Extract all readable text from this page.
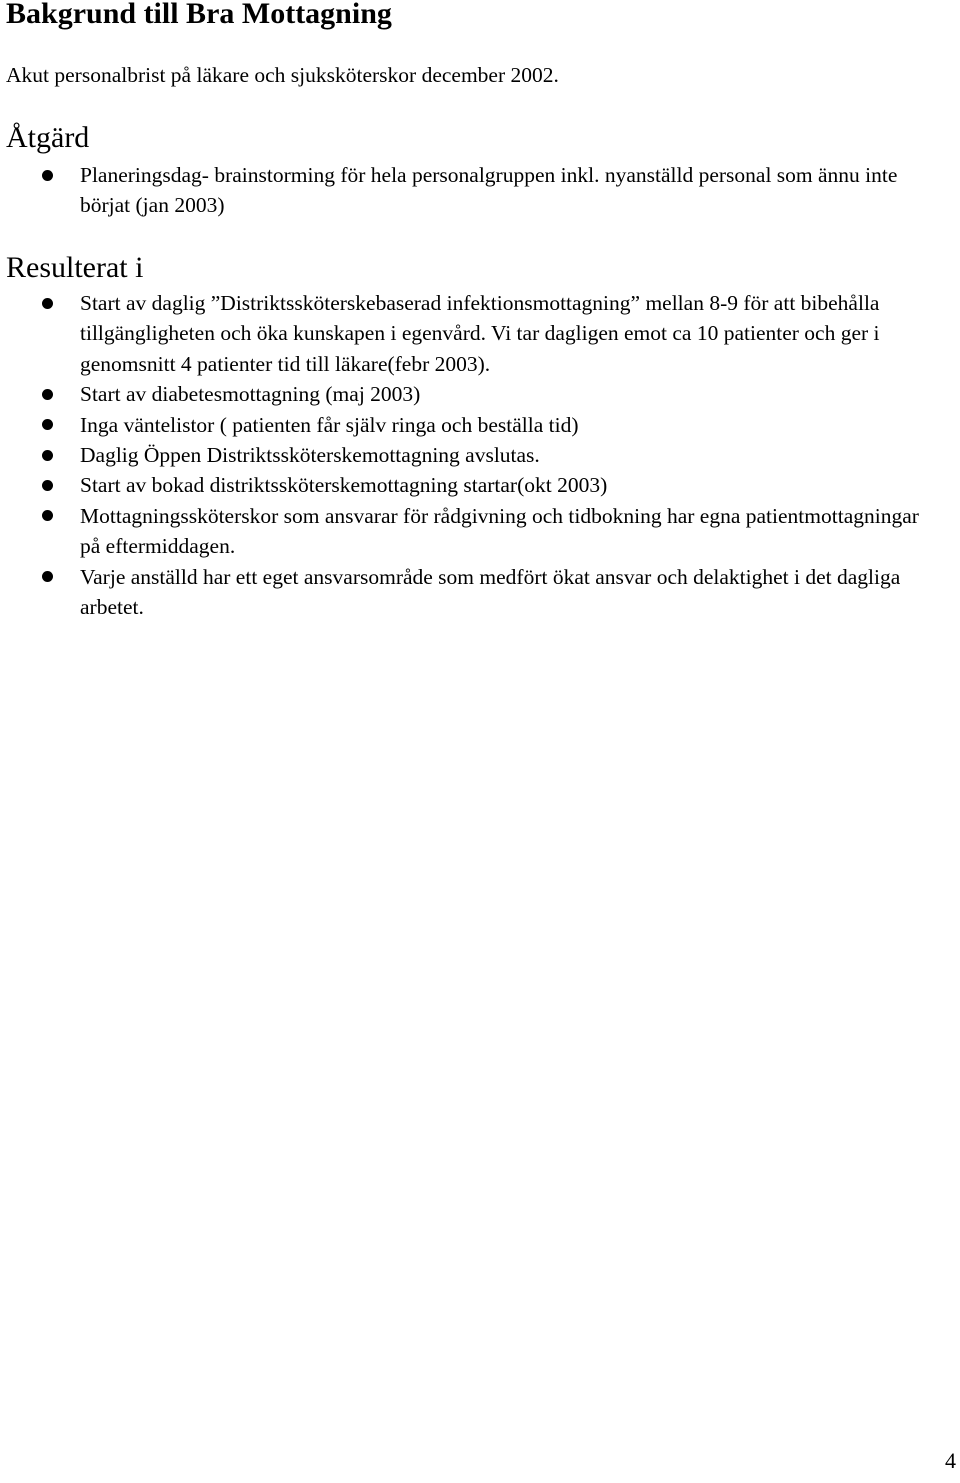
Bakgrund till Bra Mottagning

Akut personalbrist på läkare och sjuksköterskor december 2002.

Åtgärd
Planeringsdag- brainstorming för hela personalgruppen inkl. nyanställd personal som ännu inte börjat (jan 2003)
Resulterat i
Start av daglig ”Distriktssköterskebaserad infektionsmottagning” mellan 8-9 för att bibehålla tillgängligheten och öka kunskapen i egenvård. Vi tar dagligen emot ca 10 patienter och ger i genomsnitt 4 patienter tid till läkare(febr 2003).
Start av diabetesmottagning (maj 2003)
Inga väntelistor ( patienten får själv ringa och beställa tid)
Daglig Öppen Distriktssköterskemottagning avslutas.
Start av bokad distriktssköterskemottagning startar(okt 2003)
Mottagningssköterskor som ansvarar för rådgivning och tidbokning har egna patientmottagningar på eftermiddagen.
Varje anställd har ett eget ansvarsområde som medfört ökat ansvar och delaktighet i det dagliga arbetet.

4
